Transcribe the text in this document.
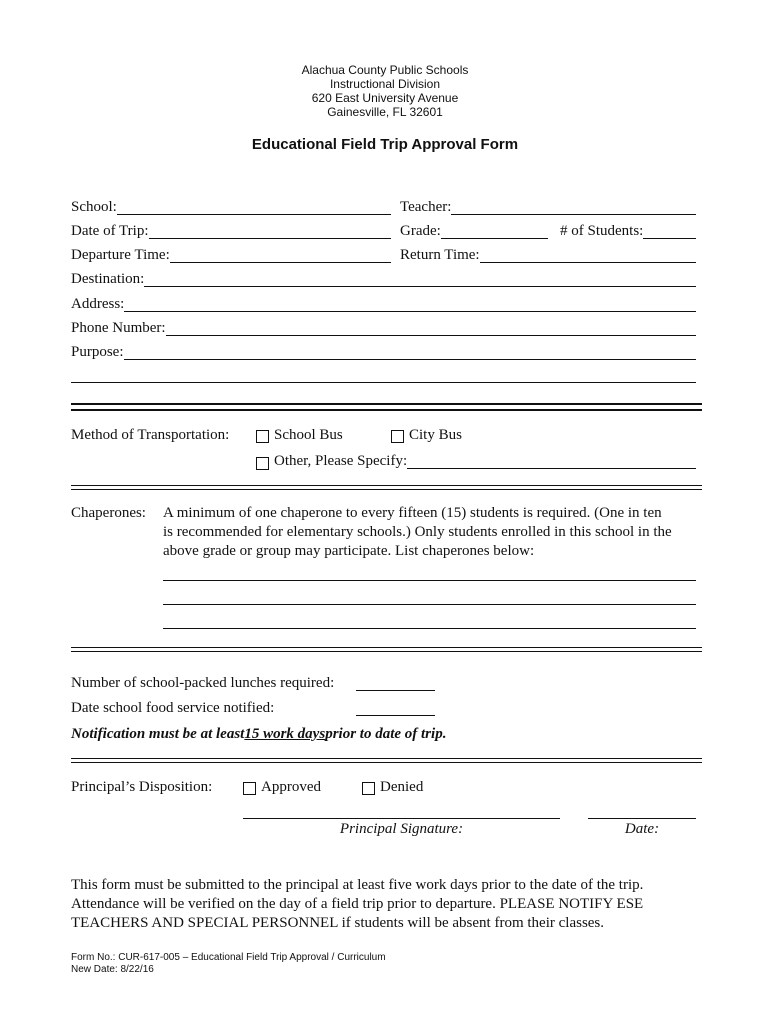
Alachua County Public Schools
Instructional Division
620 East University Avenue
Gainesville, FL 32601
Educational Field Trip Approval Form
School:	Teacher:
Date of Trip:	Grade:	# of Students:
Departure Time:	Return Time:
Destination:
Address:
Phone Number:
Purpose:
Method of Transportation:	School Bus	City Bus
Other, Please Specify:
Chaperones: A minimum of one chaperone to every fifteen (15) students is required. (One in ten
is recommended for elementary schools.) Only students enrolled in this school in the
above grade or group may participate. List chaperones below:
Number of school-packed lunches required:
Date school food service notified:
Notification must be at least 15 work days prior to date of trip.
Principal’s Disposition:	Approved	Denied
Principal Signature:	Date:
This form must be submitted to the principal at least five work days prior to the date of the trip.
Attendance will be verified on the day of a field trip prior to departure. PLEASE NOTIFY ESE
TEACHERS AND SPECIAL PERSONNEL if students will be absent from their classes.
Form No.: CUR-617-005 – Educational Field Trip Approval / Curriculum
New Date: 8/22/16
